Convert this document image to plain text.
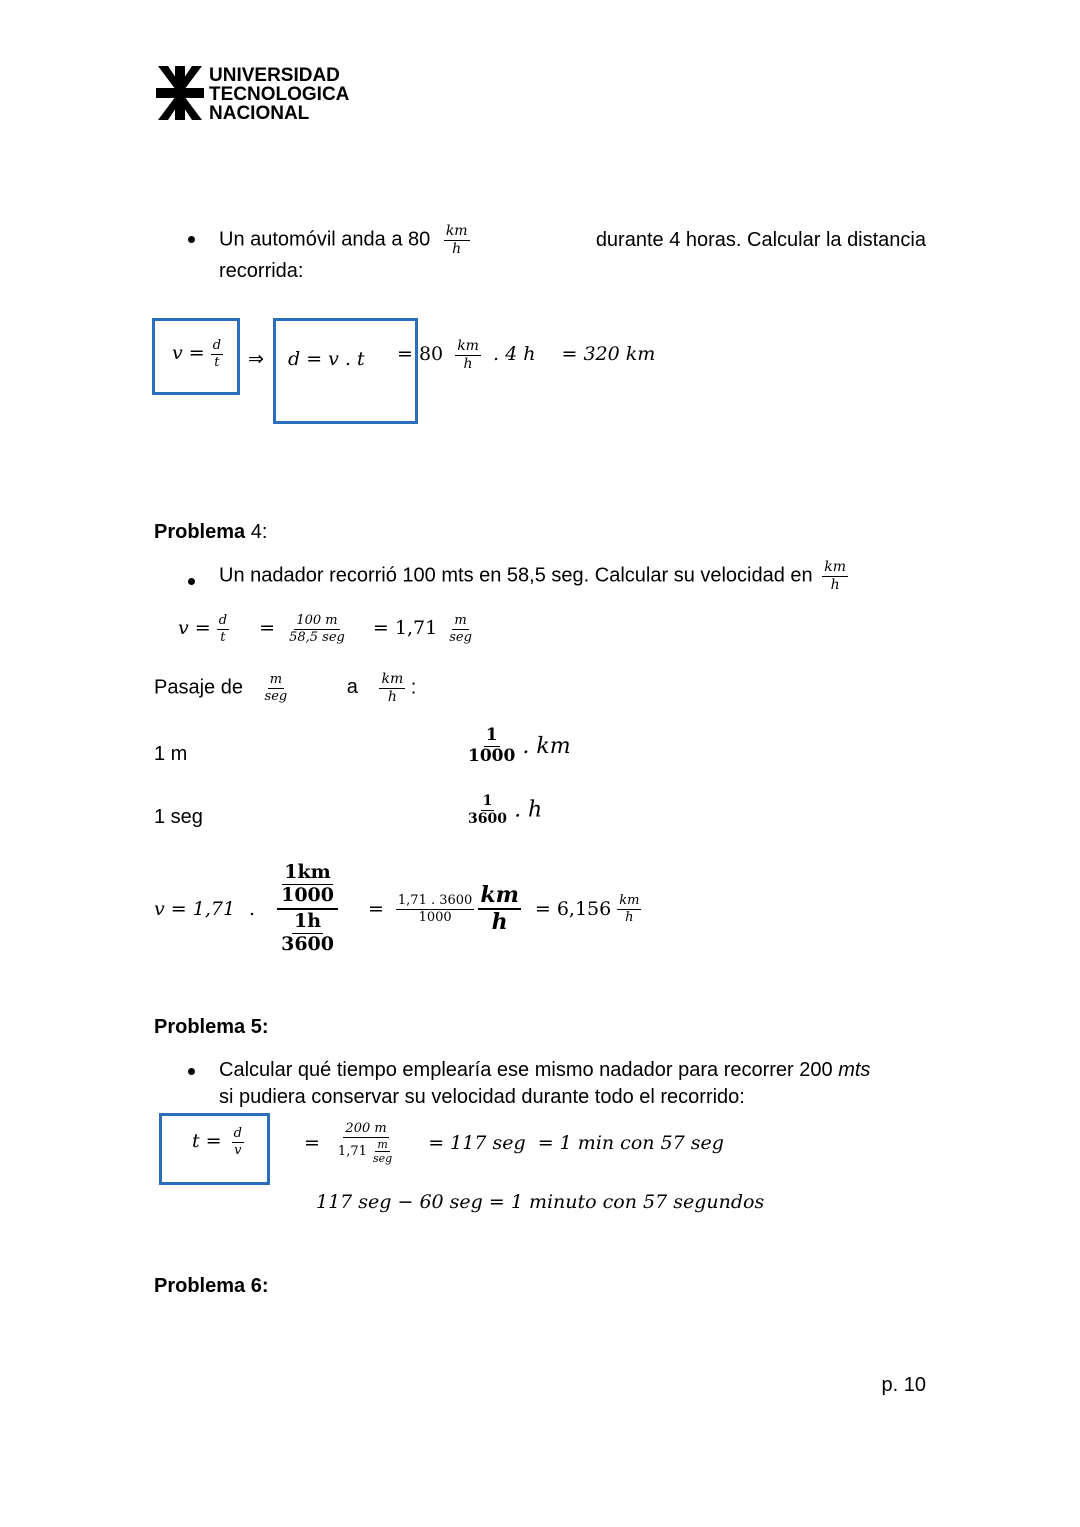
UNIVERSIDAD
TECNOLOGICA
NACIONAL
Un automóvil anda a $80 \frac{km}{h}$	durante 4 horas. Calcular la distancia
recorrida:
$v = \frac{d}{t}$ ⇒ d = v . $t = 80 \frac{km}{h}$ . 4 h = 320 km
Problema 4:
Un nadador recorrió 100 mts en 58,5 seg. Calcular su velocidad en $\frac{km}{h}$
$v = \frac{d}{t} = \frac{100 m}{\text{58,5 seg}} = 1,71 \frac{m}{\text{seg}}$
Pasaje de $\frac{m}{\text{seg}}$	a $\frac{km}{h}$ :
1 m	$\frac{1}{1000}$ . km
1 seg	$\frac{1}{3600}$ . h
v = 1,71 . $\frac{\frac{1km}{1000}}{\frac{1h}{3600}} = \frac{1,71 . 3600}{1000} \frac{km}{h} = 6,156 \frac{km}{h}$
Problema 5:
Calcular qué tiempo emplearía ese mismo nadador para recorrer 200 mts
si pudiera conservar su velocidad durante todo el recorrido:
$t = \frac{d}{v}$	= $\frac{200 m}{1,71 \frac{m}{\text{seg}}} = 117$ seg  = 1 min con 57 seg
117 seg − 60 seg = 1 minuto con 57 segundos
Problema 6:
p. 10
